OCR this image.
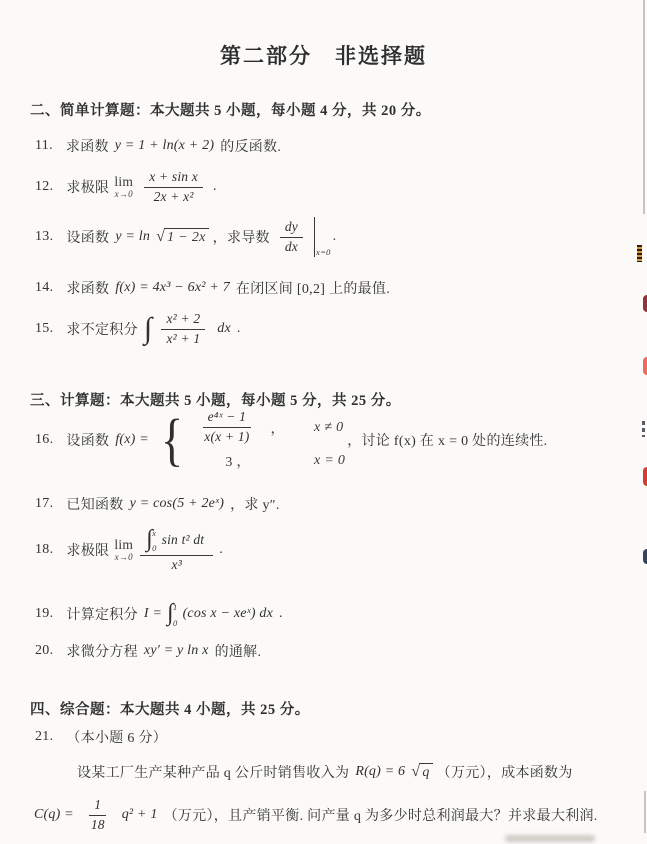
第二部分　非选择题
二、简单计算题：本大题共 5 小题，每小题 4 分，共 20 分。
11. 求函数 y = 1 + ln(x + 2) 的反函数.
12. 求极限 lim
$x\to 0 \frac{\text{x + sin x}}{\text{2x + x²}}$ .
13. 设函数 y = ln √ 1 − 2x ，求导数 $\frac{dy}{dx} x=0$
.
14. 求函数 f(x) = 4x³ − 6x² + 7 在闭区间 [0,2] 上的最值.
15. 求不定积分 ∫ $\frac{\text{x² + 2}}{\text{x² + 1}}$ dx .
三、计算题：本大题共 5 小题，每小题 5 分，共 25 分。
16. 设函数 f(x) = { $\frac{\text{e⁴ˣ − 1}}{x(x + 1)}$ ， x ≠ 0
3 ，	x = 0
，讨论 f(x) 在 x = 0 处的连续性.
17. 已知函数 y = cos(5 + 2eˣ) ，求 y″.
18. 求极限 lim
x→0
∫ x
0
sin t² dt
x³
.
19. 计算定积分 I = ∫ 1
0
(cos x − xeˣ) dx .
20. 求微分方程 xy′ = y ln x 的通解.
四、综合题：本大题共 4 小题，共 25 分。
21. （本小题 6 分）
设某工厂生产某种产品 q 公斤时销售收入为 R(q) = 6 √ q （万元），成本函数为
$C(q) = \frac{1}{18} q^2 + 1$ （万元），且产销平衡. 问产量 q 为多少时总利润最大？并求最大利润.
